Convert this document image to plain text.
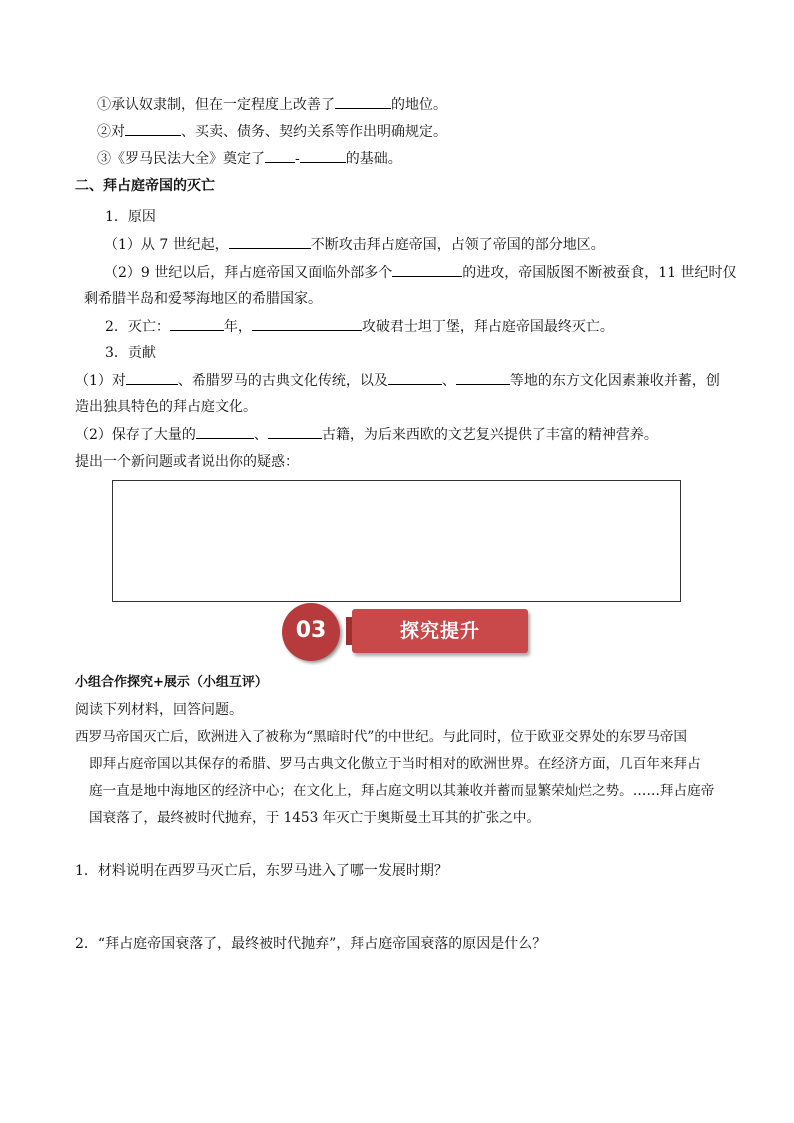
①承认奴隶制，但在一定程度上改善了	的地位。
②对	、买卖、债务、契约关系等作出明确规定。
③《罗马民法大全》奠定了 -	的基础。
二、拜占庭帝国的灭亡
1．原因
（1）从 7 世纪起，	不断攻击拜占庭帝国，占领了帝国的部分地区。
（2）9 世纪以后，拜占庭帝国又面临外部多个	的进攻，帝国版图不断被蚕食，11 世纪时仅
剩希腊半岛和爱琴海地区的希腊国家。
2．灭亡：	年，	攻破君士坦丁堡，拜占庭帝国最终灭亡。
3．贡献
（1）对	、希腊罗马的古典文化传统，以及	、	等地的东方文化因素兼收并蓄，创
造出独具特色的拜占庭文化。
（2）保存了大量的	、	古籍，为后来西欧的文艺复兴提供了丰富的精神营养。
提出一个新问题或者说出你的疑惑：
03	探究提升
小组合作探究+展示（小组互评）
阅读下列材料，回答问题。
西罗马帝国灭亡后，欧洲进入了被称为“黑暗时代”的中世纪。与此同时，位于欧亚交界处的东罗马帝国
即拜占庭帝国以其保存的希腊、罗马古典文化傲立于当时相对的欧洲世界。在经济方面，几百年来拜占
庭一直是地中海地区的经济中心；在文化上，拜占庭文明以其兼收并蓄而显繁荣灿烂之势。……拜占庭帝
国衰落了，最终被时代抛弃，于 1453 年灭亡于奥斯曼土耳其的扩张之中。
1．材料说明在西罗马灭亡后，东罗马进入了哪一发展时期？
2．“拜占庭帝国衰落了，最终被时代抛弃”，拜占庭帝国衰落的原因是什么？
